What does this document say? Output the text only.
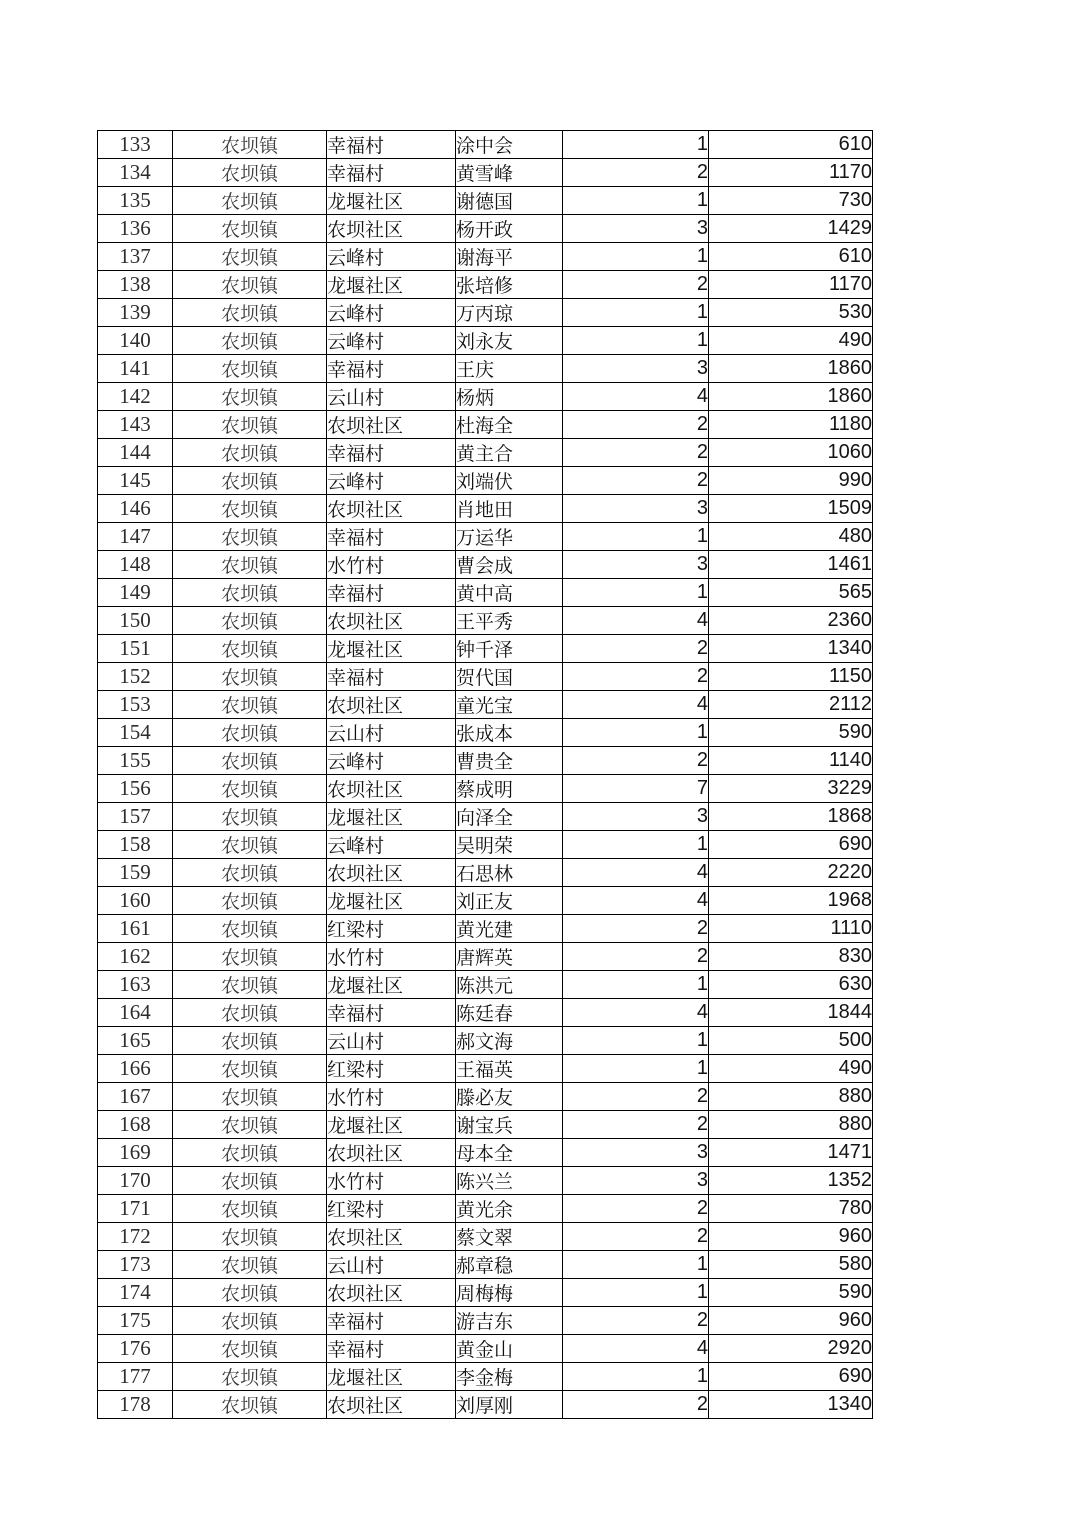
133	农坝镇	幸福村	涂中会	1	610
134	农坝镇	幸福村	黄雪峰	2	1170
135	农坝镇	龙堰社区	谢德国	1	730
136	农坝镇	农坝社区	杨开政	3	1429
137	农坝镇	云峰村	谢海平	1	610
138	农坝镇	龙堰社区	张培修	2	1170
139	农坝镇	云峰村	万丙琼	1	530
140	农坝镇	云峰村	刘永友	1	490
141	农坝镇	幸福村	王庆	3	1860
142	农坝镇	云山村	杨炳	4	1860
143	农坝镇	农坝社区	杜海全	2	1180
144	农坝镇	幸福村	黄主合	2	1060
145	农坝镇	云峰村	刘端伏	2	990
146	农坝镇	农坝社区	肖地田	3	1509
147	农坝镇	幸福村	万运华	1	480
148	农坝镇	水竹村	曹会成	3	1461
149	农坝镇	幸福村	黄中高	1	565
150	农坝镇	农坝社区	王平秀	4	2360
151	农坝镇	龙堰社区	钟千泽	2	1340
152	农坝镇	幸福村	贺代国	2	1150
153	农坝镇	农坝社区	童光宝	4	2112
154	农坝镇	云山村	张成本	1	590
155	农坝镇	云峰村	曹贵全	2	1140
156	农坝镇	农坝社区	蔡成明	7	3229
157	农坝镇	龙堰社区	向泽全	3	1868
158	农坝镇	云峰村	吴明荣	1	690
159	农坝镇	农坝社区	石思林	4	2220
160	农坝镇	龙堰社区	刘正友	4	1968
161	农坝镇	红梁村	黄光建	2	1110
162	农坝镇	水竹村	唐辉英	2	830
163	农坝镇	龙堰社区	陈洪元	1	630
164	农坝镇	幸福村	陈廷春	4	1844
165	农坝镇	云山村	郝文海	1	500
166	农坝镇	红梁村	王福英	1	490
167	农坝镇	水竹村	滕必友	2	880
168	农坝镇	龙堰社区	谢宝兵	2	880
169	农坝镇	农坝社区	母本全	3	1471
170	农坝镇	水竹村	陈兴兰	3	1352
171	农坝镇	红梁村	黄光余	2	780
172	农坝镇	农坝社区	蔡文翠	2	960
173	农坝镇	云山村	郝章稳	1	580
174	农坝镇	农坝社区	周梅梅	1	590
175	农坝镇	幸福村	游吉东	2	960
176	农坝镇	幸福村	黄金山	4	2920
177	农坝镇	龙堰社区	李金梅	1	690
178	农坝镇	农坝社区	刘厚刚	2	1340
